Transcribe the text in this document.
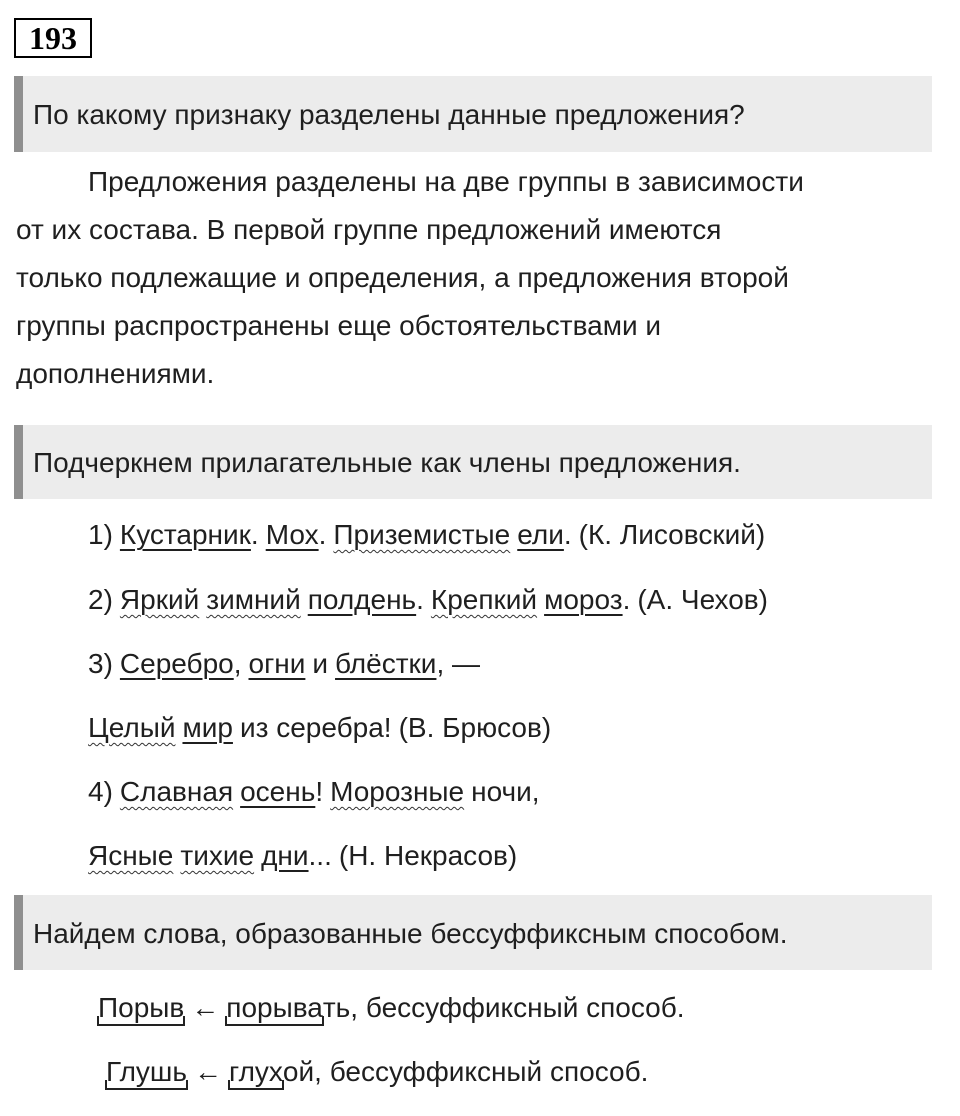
193
По какому признаку разделены данные предложения?
Предложения разделены на две группы в зависимости
от их состава. В первой группе предложений имеются
только подлежащие и определения, а предложения второй
группы распространены еще обстоятельствами и
дополнениями.
Подчеркнем прилагательные как члены предложения.
1) Кустарник. Мох. Приземистые ели. (К. Лисовский)
2) Яркий зимний полдень. Крепкий мороз. (А. Чехов)
3) Серебро, огни и блёстки, —
Целый мир из серебра! (В. Брюсов)
4) Славная осень! Морозные ночи,
Ясные тихие дни... (Н. Некрасов)
Найдем слова, образованные бессуффиксным способом.
Порыв ← порывать, бессуффиксный способ.
Глушь ← глухой, бессуффиксный способ.
